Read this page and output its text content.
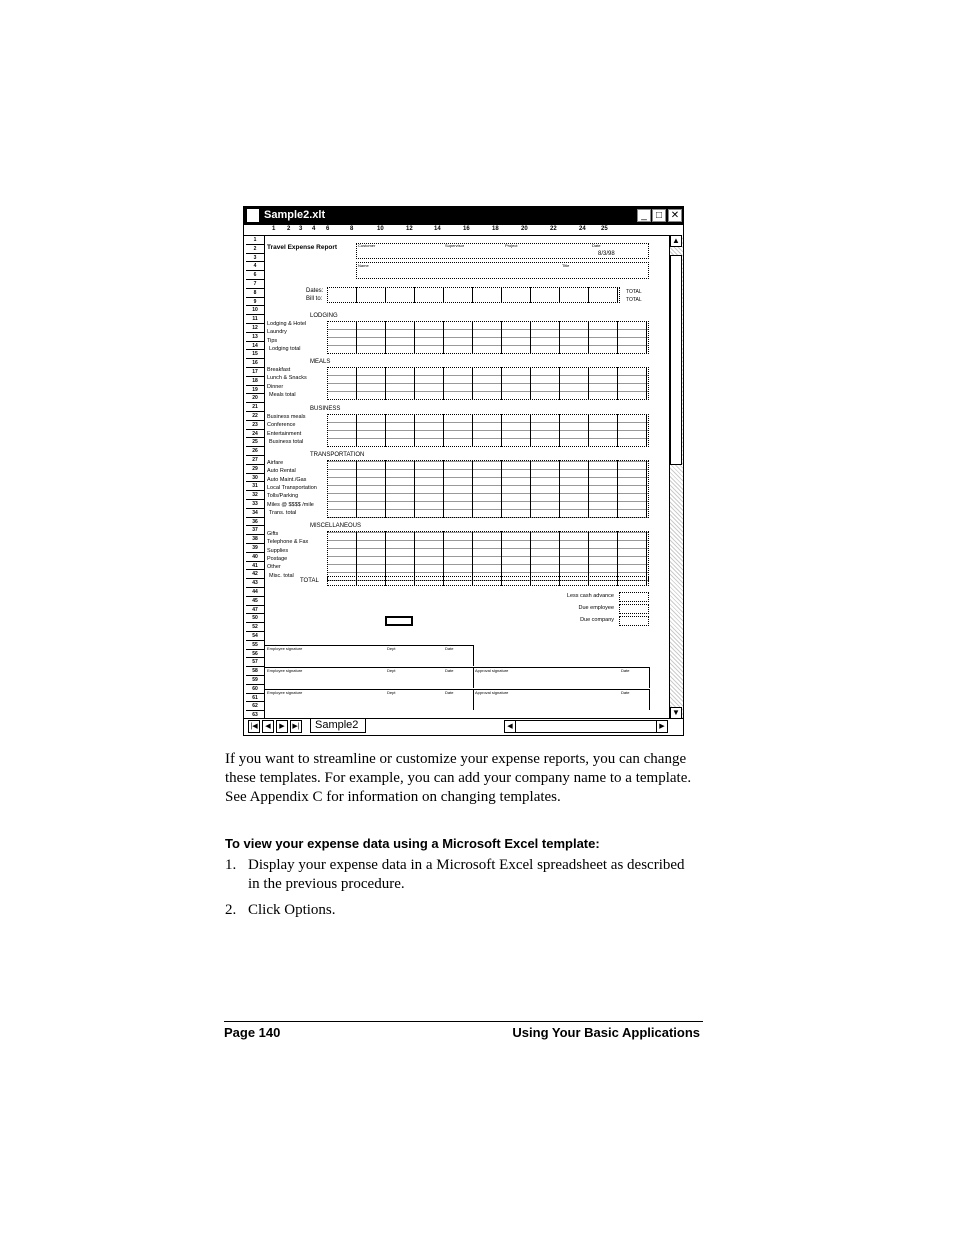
Sample2.xlt	_ □ ✕
1 2 3 4 6	8	10	12	14	16	18	20	22	24	25
1
2
3
4
6
7
8
9
10
11
12
13
14
15
16
17
18
19
20
21
22
23
24
25
26
27
29
30
31
32
33
34
36
37
38
39
40
41
42
43
44
45
47
50
52
54
55
56
57
58
59
60
61
62
63
Travel Expense Report	Customer	Supervisor	Project	Date
8/3/98
Name	Title
Dates:
Bill to:
TOTAL
TOTAL
LODGING
Lodging & Hotel
Laundry
Tips
Lodging total
MEALS
Breakfast
Lunch & Snacks
Dinner
Meals total
BUSINESS
Business meals
Conference
Entertainment
Business total
TRANSPORTATION
Airfare
Auto Rental
Auto Maint./Gas
Local Transportation
Tolls/Parking
Miles @ $$$$ /mile
Trans. total
MISCELLANEOUS
Gifts
Telephone & Fax
Supplies
Postage
Other
Misc. total
TOTAL
Less cash advance
Due employee
Due company
Employee signature	Dept	Date
Employee signature	Dept	Date	Approval signature	Date
Employee signature	Dept	Date	Approval signature	Date
▲
▼
|◀	◀	▶	▶|	Sample2	◀	▶
If you want to streamline or customize your expense reports, you can change these templates. For example, you can add your company name to a template. See Appendix C for information on changing templates.
To view your expense data using a Microsoft Excel template:
1. Display your expense data in a Microsoft Excel spreadsheet as described in the previous procedure.
2. Click Options.
Page 140	Using Your Basic Applications
